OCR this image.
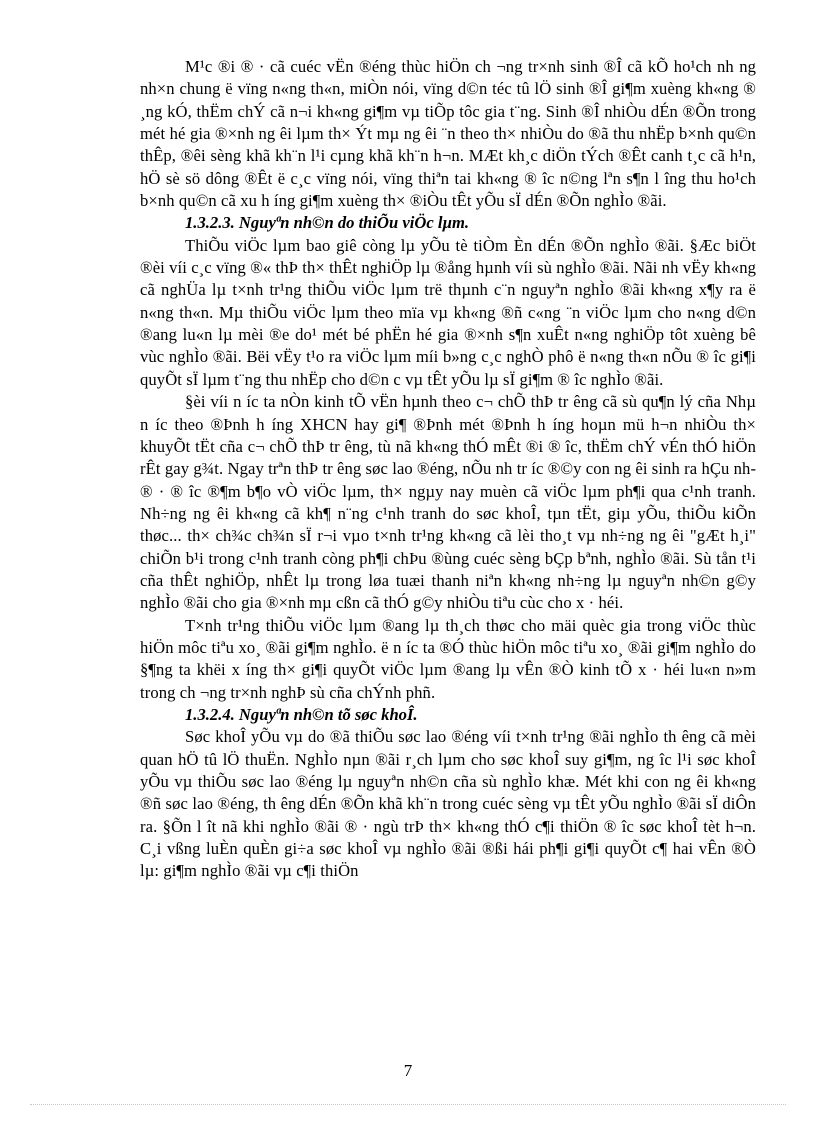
M¹c ®i ® · cã cuéc vËn ®éng thùc hiÖn ch ¬ng tr×nh sinh ®Î cã kÕ ho¹ch nh ng nh×n chung ë vïng n«ng th«n, miÒn nói, vïng d©n téc tû lÖ sinh ®Î gi¶m xuèng kh«ng ® ¸ng kÓ, thËm chÝ cã n¬i kh«ng gi¶m vµ tiÕp tôc gia t¨ng. Sinh ®Î nhiÒu dÉn ®Õn trong mét hé gia ®×nh ng êi lµm th× Ýt mµ ng êi ¨n theo th× nhiÒu do ®ã thu nhËp b×nh qu©n thÊp, ®êi sèng khã kh¨n l¹i cµng khã kh¨n h¬n. MÆt kh¸c diÖn tÝch ®Êt canh t¸c cã h¹n, hÖ sè sö dông ®Êt ë c¸c vïng nói, vïng thiªn tai kh«ng ® îc n©ng lªn s¶n l îng thu ho¹ch b×nh qu©n cã xu h íng gi¶m xuèng th× ®iÒu tÊt yÕu sÏ dÉn ®Õn nghÌo ®ãi.

1.3.2.3. Nguyªn nh©n do thiÕu viÖc lµm.

ThiÕu viÖc lµm bao giê còng lµ yÕu tè tiÒm Èn dÉn ®Õn nghÌo ®ãi. §Æc biÖt ®èi víi c¸c vïng ®« thÞ th× thÊt nghiÖp lµ ®ång hµnh víi sù nghÌo ®ãi. Nãi nh vËy kh«ng cã nghÜa lµ t×nh tr¹ng thiÕu viÖc lµm trë thµnh c¨n nguyªn nghÌo ®ãi kh«ng x¶y ra ë n«ng th«n. Mµ thiÕu viÖc lµm theo mïa vµ kh«ng ®ñ c«ng ¨n viÖc lµm cho n«ng d©n ®ang lu«n lµ mèi ®e do¹ mét bé phËn hé gia ®×nh s¶n xuÊt n«ng nghiÖp tôt xuèng bê vùc nghÌo ®ãi. Bëi vËy t¹o ra viÖc lµm míi b»ng c¸c nghÒ phô ë n«ng th«n nÕu ® îc gi¶i quyÕt sÏ lµm t¨ng thu nhËp cho d©n c vµ tÊt yÕu lµ sÏ gi¶m ® îc nghÌo ®ãi.

§èi víi n íc ta nÒn kinh tÕ vËn hµnh theo c¬ chÕ thÞ tr êng cã sù qu¶n lý cña Nhµ n íc theo ®Þnh h íng XHCN hay gi¶ ®Þnh mét ®Þnh h íng hoµn mü h¬n nhiÒu th× khuyÕt tËt cña c¬ chÕ thÞ tr êng, tù nã kh«ng thÓ mÊt ®i ® îc, thËm chÝ vÉn thÓ hiÖn rÊt gay g¾t. Ngay trªn thÞ tr êng søc lao ®éng, nÕu nh tr íc ®©y con ng êi sinh ra hÇu nh ® · ® îc ®¶m b¶o vÒ viÖc lµm, th× ngµy nay muèn cã viÖc lµm ph¶i qua c¹nh tranh. Nh÷ng ng êi kh«ng cã kh¶ n¨ng c¹nh tranh do søc khoÎ, tµn tËt, giµ yÕu, thiÕu kiÕn thøc... th× ch¾c ch¾n sÏ r¬i vµo t×nh tr¹ng kh«ng cã lèi tho¸t vµ nh÷ng ng êi "gÆt h¸i" chiÕn b¹i trong c¹nh tranh còng ph¶i chÞu ®ùng cuéc sèng bÇp bªnh, nghÌo ®ãi. Sù tån t¹i cña thÊt nghiÖp, nhÊt lµ trong løa tuæi thanh niªn kh«ng nh÷ng lµ nguyªn nh©n g©y nghÌo ®ãi cho gia ®×nh mµ cßn cã thÓ g©y nhiÒu tiªu cùc cho x · héi.

T×nh tr¹ng thiÕu viÖc lµm ®ang lµ th¸ch thøc cho mäi quèc gia trong viÖc thùc hiÖn môc tiªu xo¸ ®ãi gi¶m nghÌo. ë n íc ta ®Ó thùc hiÖn môc tiªu xo¸ ®ãi gi¶m nghÌo do §¶ng ta khëi x íng th× gi¶i quyÕt viÖc lµm ®ang lµ vÊn ®Ò kinh tÕ x · héi lu«n n»m trong ch ¬ng tr×nh nghÞ sù cña chÝnh phñ.

1.3.2.4. Nguyªn nh©n tõ søc khoÎ.

Søc khoÎ yÕu vµ do ®ã thiÕu søc lao ®éng víi t×nh tr¹ng ®ãi nghÌo th êng cã mèi quan hÖ tû lÖ thuËn. NghÌo nµn ®ãi r¸ch lµm cho søc khoÎ suy gi¶m, ng îc l¹i søc khoÎ yÕu vµ thiÕu søc lao ®éng lµ nguyªn nh©n cña sù nghÌo khæ. Mét khi con ng êi kh«ng ®ñ søc lao ®éng, th êng dÉn ®Õn khã kh¨n trong cuéc sèng vµ tÊt yÕu nghÌo ®ãi sÏ diÔn ra. §Õn l ît nã khi nghÌo ®ãi ® · ngù trÞ th× kh«ng thÓ c¶i thiÖn ® îc søc khoÎ tèt h¬n. C¸i vßng luÈn quÈn gi÷a søc khoÎ vµ nghÌo ®ãi ®ßi hái ph¶i gi¶i quyÕt c¶ hai vÊn ®Ò lµ: gi¶m nghÌo ®ãi vµ c¶i thiÖn

7
